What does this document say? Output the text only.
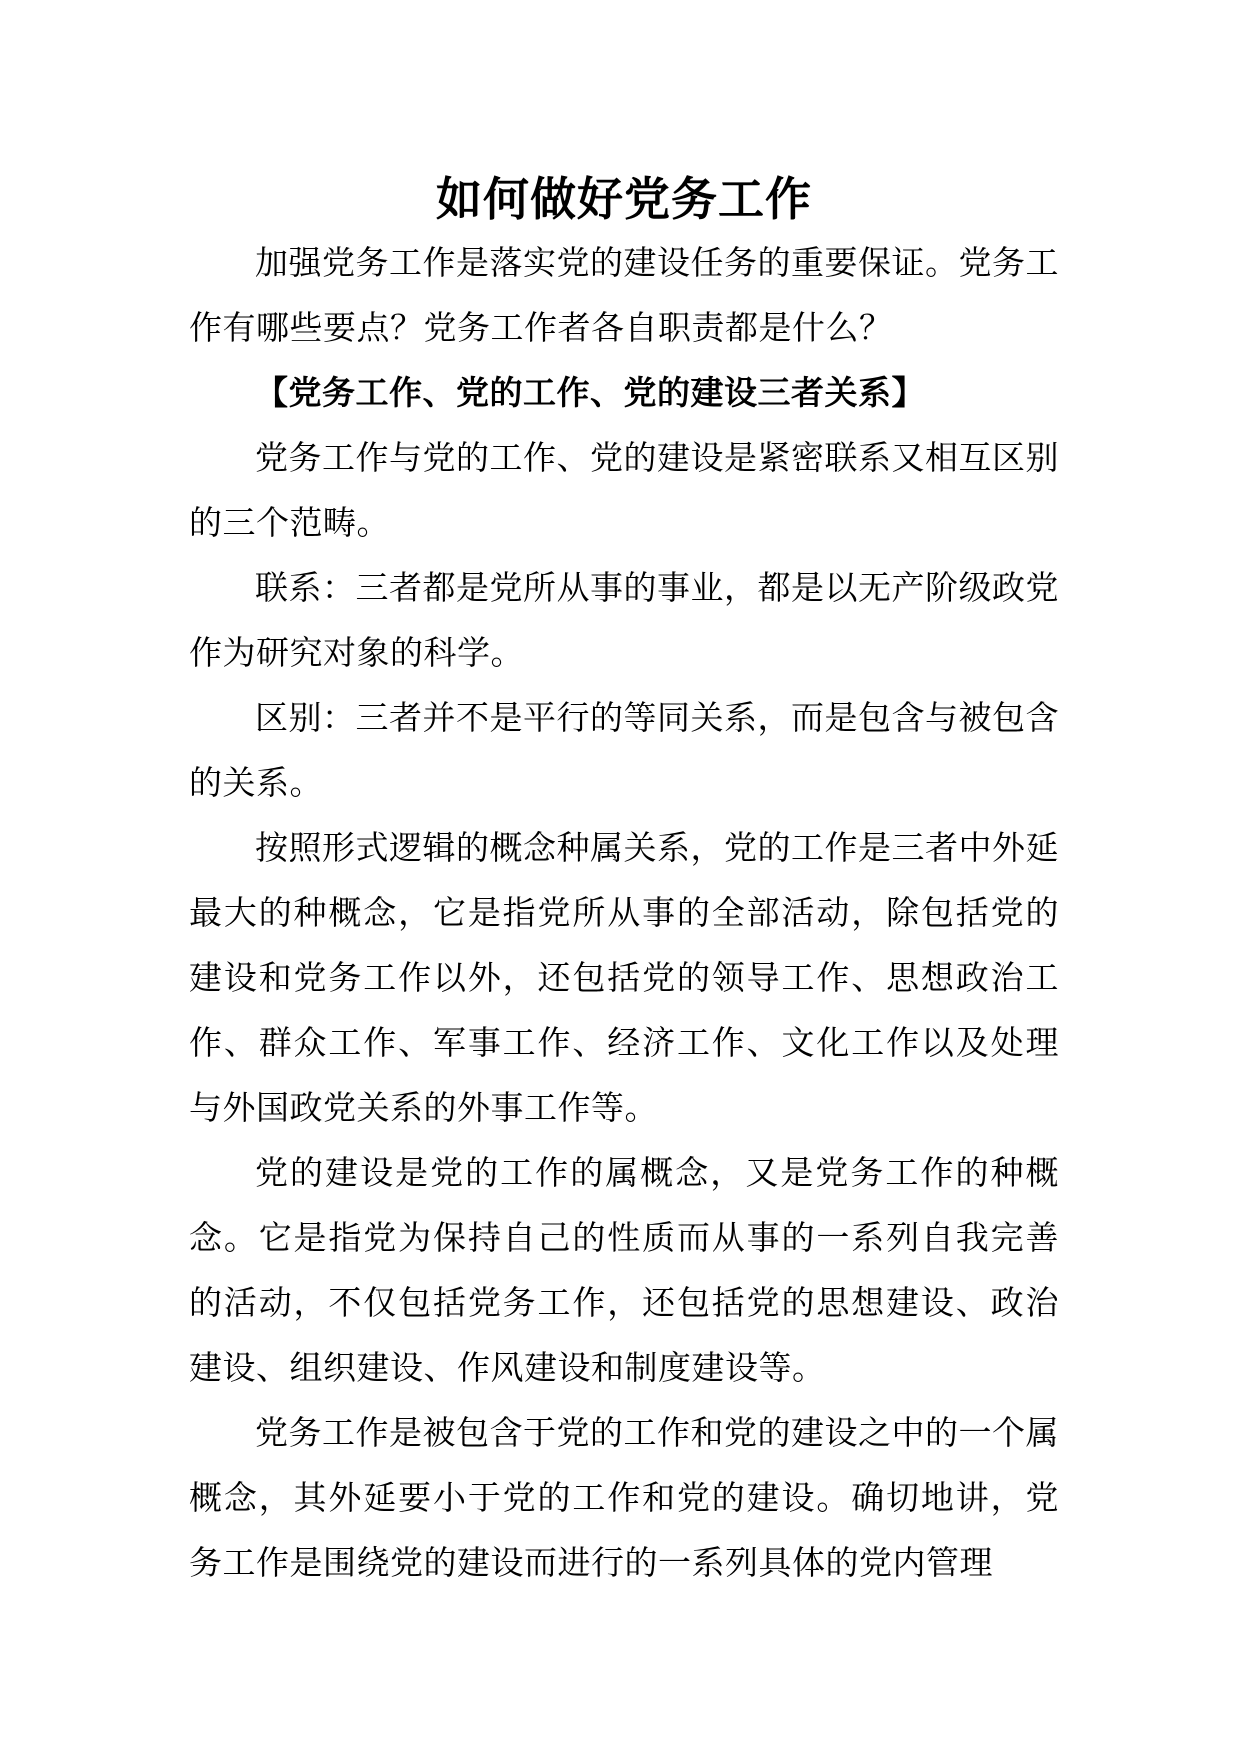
如何做好党务工作

加强党务工作是落实党的建设任务的重要保证。党务工作有哪些要点？党务工作者各自职责都是什么？

【党务工作、党的工作、党的建设三者关系】

党务工作与党的工作、党的建设是紧密联系又相互区别的三个范畴。

联系：三者都是党所从事的事业，都是以无产阶级政党作为研究对象的科学。

区别：三者并不是平行的等同关系，而是包含与被包含的关系。

按照形式逻辑的概念种属关系，党的工作是三者中外延最大的种概念，它是指党所从事的全部活动，除包括党的建设和党务工作以外，还包括党的领导工作、思想政治工作、群众工作、军事工作、经济工作、文化工作以及处理与外国政党关系的外事工作等。

党的建设是党的工作的属概念，又是党务工作的种概念。它是指党为保持自己的性质而从事的一系列自我完善的活动，不仅包括党务工作，还包括党的思想建设、政治建设、组织建设、作风建设和制度建设等。

党务工作是被包含于党的工作和党的建设之中的一个属概念，其外延要小于党的工作和党的建设。确切地讲，党务工作是围绕党的建设而进行的一系列具体的党内管理
